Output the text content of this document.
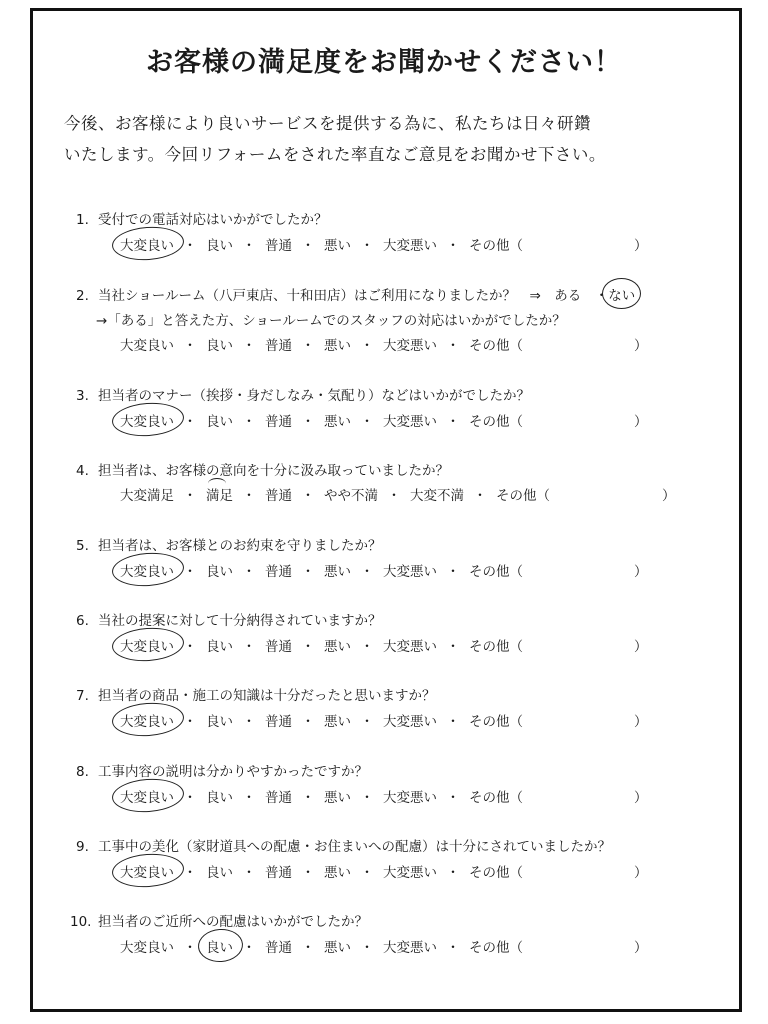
お客様の満足度をお聞かせください！
今後、お客様により良いサービスを提供する為に、私たちは日々研鑽
いたします。今回リフォームをされた率直なご意見をお聞かせ下さい。
1. 受付での電話対応はいかがでしたか？
大変良い ・ 良い ・ 普通 ・ 悪い ・ 大変悪い ・ その他（	）
2. 当社ショールーム（八戸東店、十和田店）はご利用になりましたか？　⇒　ある　・ない
→「ある」と答えた方、ショールームでのスタッフの対応はいかがでしたか？
大変良い ・ 良い ・ 普通 ・ 悪い ・ 大変悪い ・ その他（	）
3. 担当者のマナー（挨拶・身だしなみ・気配り）などはいかがでしたか？
大変良い ・ 良い ・ 普通 ・ 悪い ・ 大変悪い ・ その他（	）
4. 担当者は、お客様の意向を十分に汲み取っていましたか？
大変満足 ・ 満足 ・ 普通 ・ やや不満 ・ 大変不満 ・ その他（	）
5. 担当者は、お客様とのお約束を守りましたか？
大変良い ・ 良い ・ 普通 ・ 悪い ・ 大変悪い ・ その他（	）
6. 当社の提案に対して十分納得されていますか？
大変良い ・ 良い ・ 普通 ・ 悪い ・ 大変悪い ・ その他（	）
7. 担当者の商品・施工の知識は十分だったと思いますか？
大変良い ・ 良い ・ 普通 ・ 悪い ・ 大変悪い ・ その他（	）
8. 工事内容の説明は分かりやすかったですか？
大変良い ・ 良い ・ 普通 ・ 悪い ・ 大変悪い ・ その他（	）
9. 工事中の美化（家財道具への配慮・お住まいへの配慮）は十分にされていましたか？
大変良い ・ 良い ・ 普通 ・ 悪い ・ 大変悪い ・ その他（	）
10. 担当者のご近所への配慮はいかがでしたか？
大変良い ・ 良い ・ 普通 ・ 悪い ・ 大変悪い ・ その他（	）
